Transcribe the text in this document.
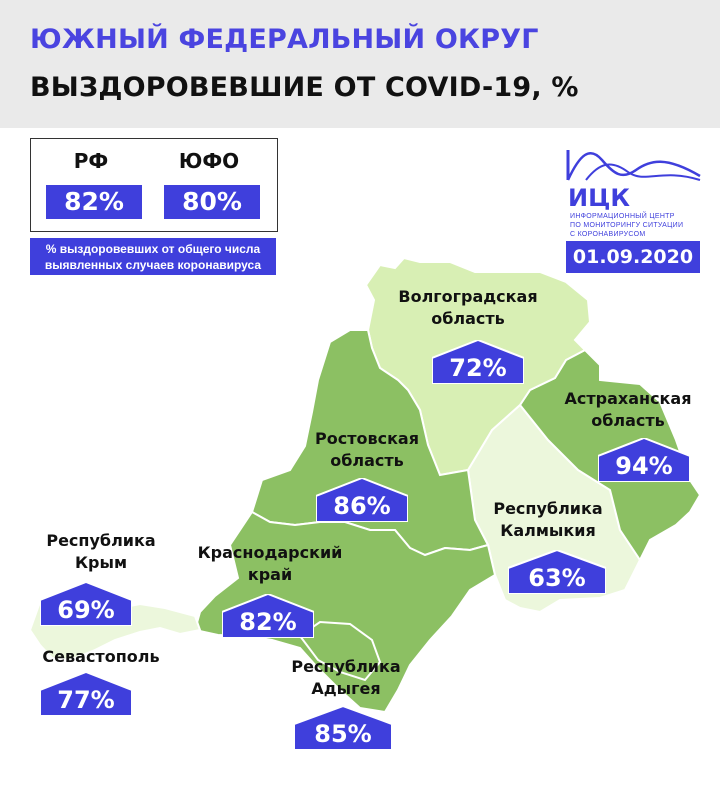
ЮЖНЫЙ ФЕДЕРАЛЬНЫЙ ОКРУГ
ВЫЗДОРОВЕВШИЕ ОТ COVID-19, %
РФ
82%
ЮФО
80%
% выздоровевших от общего числа
выявленных случаев коронавируса
ИЦК
ИНФОРМАЦИОННЫЙ ЦЕНТР
ПО МОНИТОРИНГУ СИТУАЦИИ
С КОРОНАВИРУСОМ
01.09.2020
Волгоградская
область
72%
Астраханская
область
94%
Ростовская
область
86%	Республика
Калмыкия
63%
Краснодарский
край
82%
Республика
Адыгея
85%
Республика
Крым
69%
Севастополь
77%
